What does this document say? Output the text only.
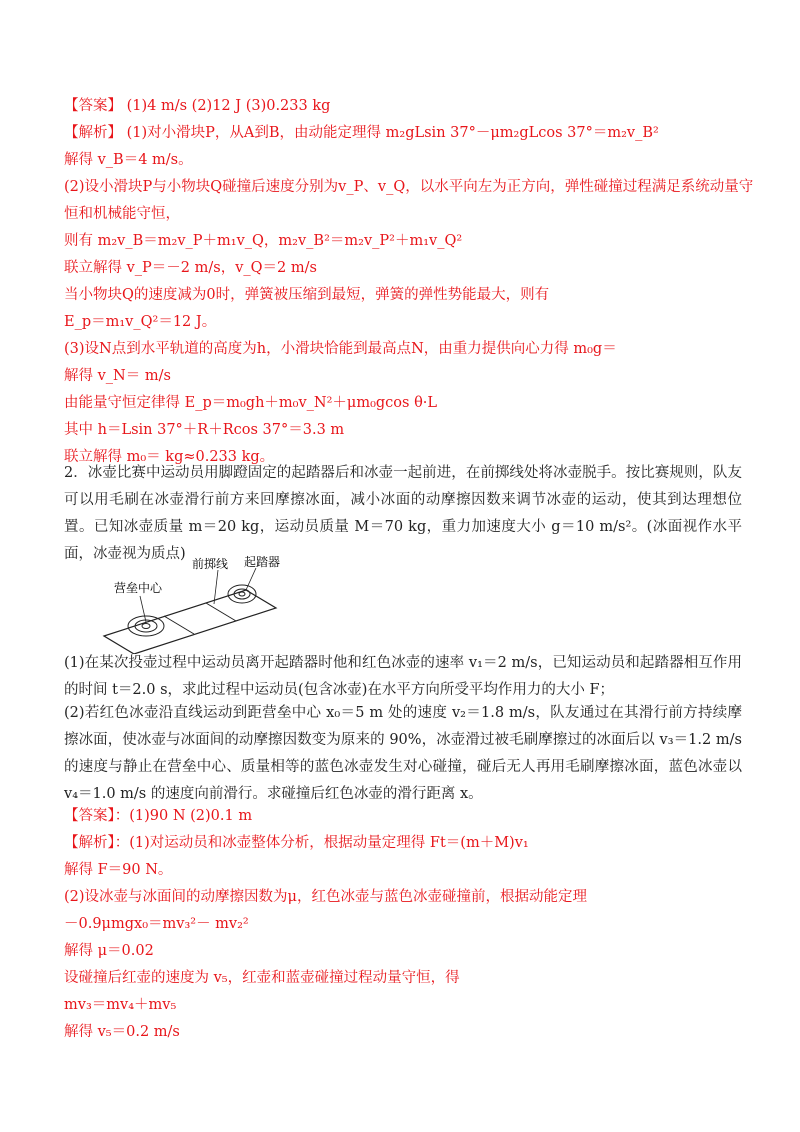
【答案】 (1)4 m/s (2)12 J (3)0.233 kg
【解析】 (1)对小滑块P，从A到B，由动能定理得 m₂gLsin 37°－μm₂gLcos 37°＝m₂v_B²
解得 v_B＝4 m/s。
(2)设小滑块P与小物块Q碰撞后速度分别为v_P、v_Q，以水平向左为正方向，弹性碰撞过程满足系统动量守
恒和机械能守恒，
则有 m₂v_B＝m₂v_P＋m₁v_Q，m₂v_B²＝m₂v_P²＋m₁v_Q²
联立解得 v_P＝－2 m/s，v_Q＝2 m/s
当小物块Q的速度减为0时，弹簧被压缩到最短，弹簧的弹性势能最大，则有
E_p＝m₁v_Q²＝12 J。
(3)设N点到水平轨道的高度为h，小滑块恰能到最高点N，由重力提供向心力得 m₀g＝
解得 v_N＝ m/s
由能量守恒定律得 E_p＝m₀gh＋m₀v_N²＋μm₀gcos θ·L
其中 h＝Lsin 37°＋R＋Rcos 37°＝3.3 m
联立解得 m₀＝ kg≈0.233 kg。
2．冰壶比赛中运动员用脚蹬固定的起踏器后和冰壶一起前进，在前掷线处将冰壶脱手。按比赛规则，队友可以用毛刷在冰壶滑行前方来回摩擦冰面，减小冰面的动摩擦因数来调节冰壶的运动，使其到达理想位置。已知冰壶质量 m＝20 kg，运动员质量 M＝70 kg，重力加速度大小 g＝10 m/s²。(冰面视作水平面，冰壶视为质点)
营垒中心
前掷线 起踏器
(1)在某次投壶过程中运动员离开起踏器时他和红色冰壶的速率 v₁＝2 m/s，已知运动员和起踏器相互作用的时间 t＝2.0 s，求此过程中运动员(包含冰壶)在水平方向所受平均作用力的大小 F；
(2)若红色冰壶沿直线运动到距营垒中心 x₀＝5 m 处的速度 v₂＝1.8 m/s，队友通过在其滑行前方持续摩擦冰面，使冰壶与冰面间的动摩擦因数变为原来的 90%，冰壶滑过被毛刷摩擦过的冰面后以 v₃＝1.2 m/s 的速度与静止在营垒中心、质量相等的蓝色冰壶发生对心碰撞，碰后无人再用毛刷摩擦冰面，蓝色冰壶以 v₄＝1.0 m/s 的速度向前滑行。求碰撞后红色冰壶的滑行距离 x。
【答案】：(1)90 N (2)0.1 m
【解析】：(1)对运动员和冰壶整体分析，根据动量定理得 Ft＝(m＋M)v₁
解得 F＝90 N。
(2)设冰壶与冰面间的动摩擦因数为μ，红色冰壶与蓝色冰壶碰撞前，根据动能定理
－0.9μmgx₀＝mv₃²－ mv₂²
解得 μ＝0.02
设碰撞后红壶的速度为 v₅，红壶和蓝壶碰撞过程动量守恒，得
mv₃＝mv₄＋mv₅
解得 v₅＝0.2 m/s
